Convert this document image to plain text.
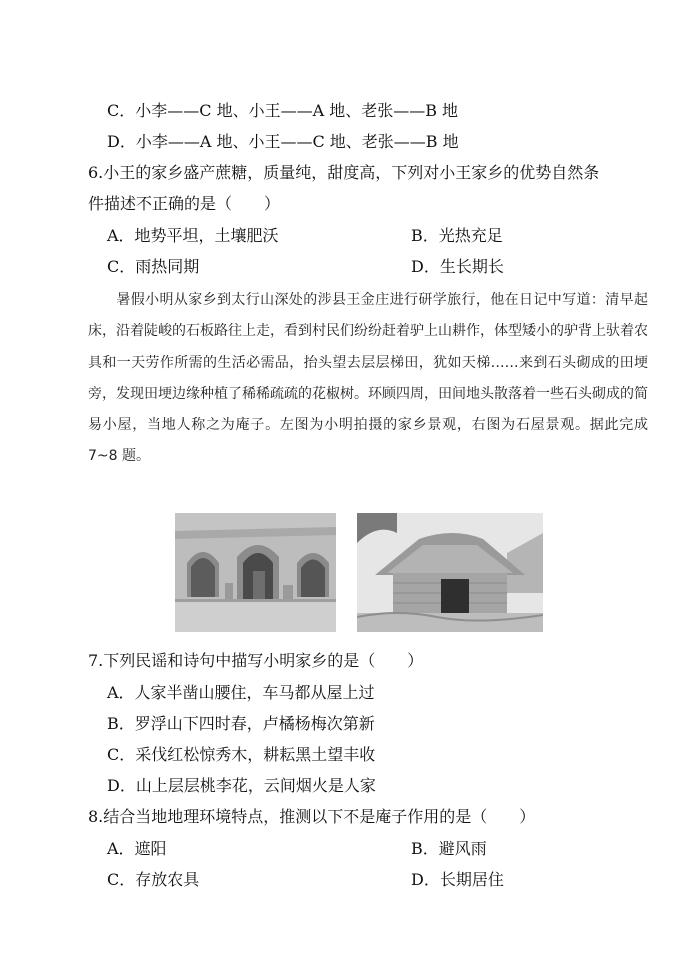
C．小李——C 地、小王——A 地、老张——B 地
D．小李——A 地、小王——C 地、老张——B 地
6.小王的家乡盛产蔗糖，质量纯，甜度高，下列对小王家乡的优势自然条
件描述不正确的是（　　）
A．地势平坦，土壤肥沃	B．光热充足
C．雨热同期	D．生长期长
暑假小明从家乡到太行山深处的涉县王金庄进行研学旅行，他在日记中写道：清早起床，沿着陡峻的石板路往上走，看到村民们纷纷赶着驴上山耕作，体型矮小的驴背上驮着农具和一天劳作所需的生活必需品，抬头望去层层梯田，犹如天梯……来到石头砌成的田埂旁，发现田埂边缘种植了稀稀疏疏的花椒树。环顾四周，田间地头散落着一些石头砌成的简易小屋，当地人称之为庵子。左图为小明拍摄的家乡景观，右图为石屋景观。据此完成 7~8 题。
7.下列民谣和诗句中描写小明家乡的是（　　）
A．人家半凿山腰住，车马都从屋上过
B．罗浮山下四时春，卢橘杨梅次第新
C．采伐红松惊秀木，耕耘黑土望丰收
D．山上层层桃李花，云间烟火是人家
8.结合当地地理环境特点，推测以下不是庵子作用的是（　　）
A．遮阳	B．避风雨
C．存放农具	D．长期居住
